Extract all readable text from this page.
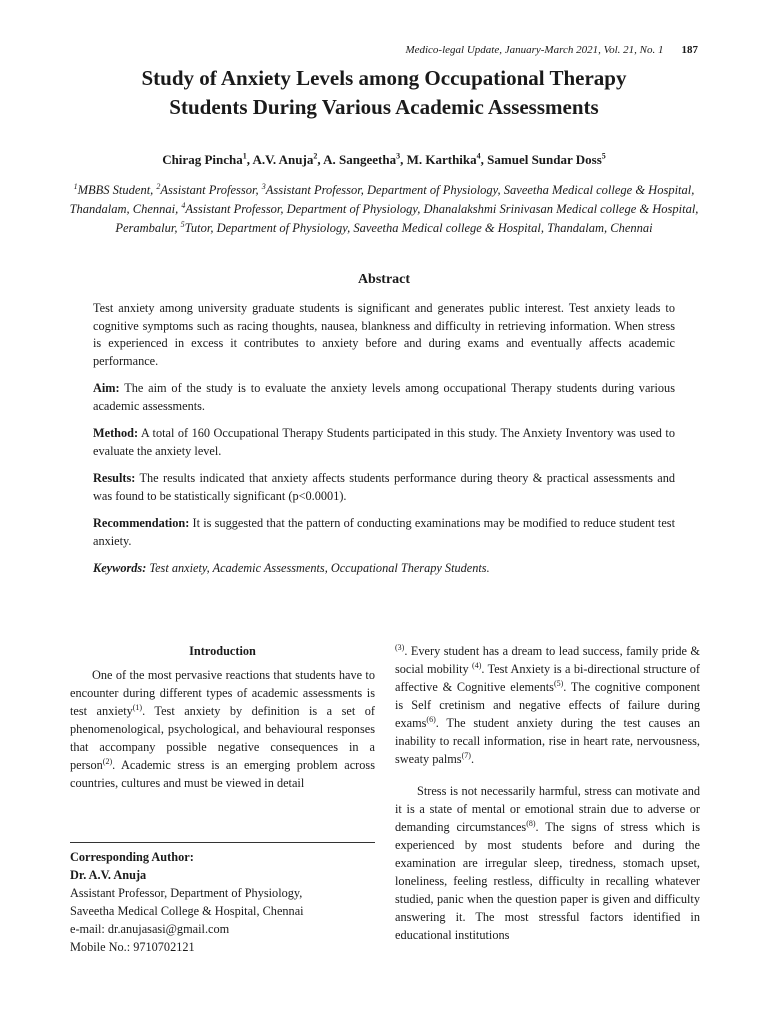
Medico-legal Update, January-March 2021, Vol. 21, No. 1 187
Study of Anxiety Levels among Occupational Therapy
Students During Various Academic Assessments
Chirag Pincha$^1$, A.V. Anuja$^2$, A. Sangeetha$^3$, M. Karthika$^4$, Samuel Sundar Doss$^5$
$^1$MBBS Student, $^2$Assistant Professor, $^3$Assistant Professor, Department of Physiology, Saveetha Medical college & Hospital, Thandalam, Chennai, $^4$Assistant Professor, Department of Physiology, Dhanalakshmi Srinivasan Medical college & Hospital, Perambalur, $^5$Tutor, Department of Physiology, Saveetha Medical college & Hospital, Thandalam, Chennai
Abstract

Test anxiety among university graduate students is significant and generates public interest. Test anxiety leads to cognitive symptoms such as racing thoughts, nausea, blankness and difficulty in retrieving information. When stress is experienced in excess it contributes to anxiety before and during exams and eventually affects academic performance.

Aim: The aim of the study is to evaluate the anxiety levels among occupational Therapy students during various academic assessments.

Method: A total of 160 Occupational Therapy Students participated in this study. The Anxiety Inventory was used to evaluate the anxiety level.

Results: The results indicated that anxiety affects students performance during theory & practical assessments and was found to be statistically significant (p<0.0001).

Recommendation: It is suggested that the pattern of conducting examinations may be modified to reduce student test anxiety.

Keywords: Test anxiety, Academic Assessments, Occupational Therapy Students.

Introduction

One of the most pervasive reactions that students have to encounter during different types of academic assessments is test anxiety$^{(1)}$. Test anxiety by definition is a set of phenomenological, psychological, and behavioural responses that accompany possible negative consequences in a person$^{(2)}$. Academic stress is an emerging problem across countries, cultures and must be viewed in detail

$^{(3)}$. Every student has a dream to lead success, family pride & social mobility $^{(4)}$. Test Anxiety is a bi-directional structure of affective & Cognitive elements$^{(5)}$. The cognitive component is Self cretinism and negative effects of failure during exams$^{(6)}$. The student anxiety during the test causes an inability to recall information, rise in heart rate, nervousness, sweaty palms$^{(7)}$.

Stress is not necessarily harmful, stress can motivate and it is a state of mental or emotional strain due to adverse or demanding circumstances$^{(8)}$. The signs of stress which is experienced by most students before and during the examination are irregular sleep, tiredness, stomach upset, loneliness, feeling restless, difficulty in recalling whatever studied, panic when the question paper is given and difficulty answering it. The most stressful factors identified in educational institutions

Corresponding Author:
Dr. A.V. Anuja
Assistant Professor, Department of Physiology,
Saveetha Medical College & Hospital, Chennai
e-mail: dr.anujasasi@gmail.com
Mobile No.: 9710702121
